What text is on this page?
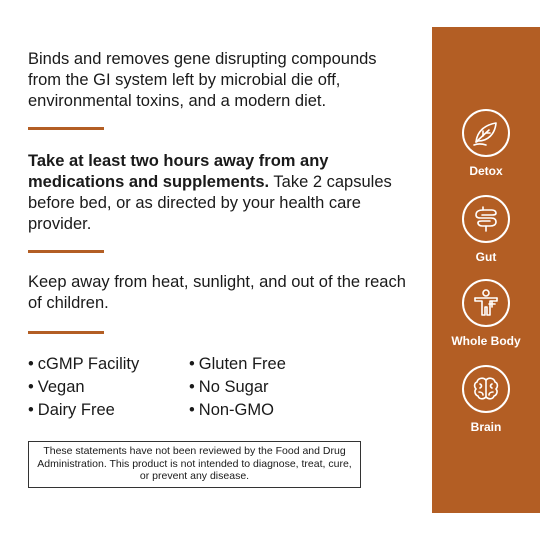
Binds and removes gene disrupting compounds from the GI system left by microbial die off, environmental toxins, and a modern diet.

Take at least two hours away from any medications and supplements. Take 2 capsules before bed, or as directed by your health care provider.

Keep away from heat, sunlight, and out of the reach of children.

• cGMP Facility	• Gluten Free
• Vegan	• No Sugar
• Dairy Free	• Non-GMO
These statements have not been reviewed by the Food and Drug Administration. This product is not intended to diagnose, treat, cure, or prevent any disease.
Detox
Gut
Whole Body
Brain
